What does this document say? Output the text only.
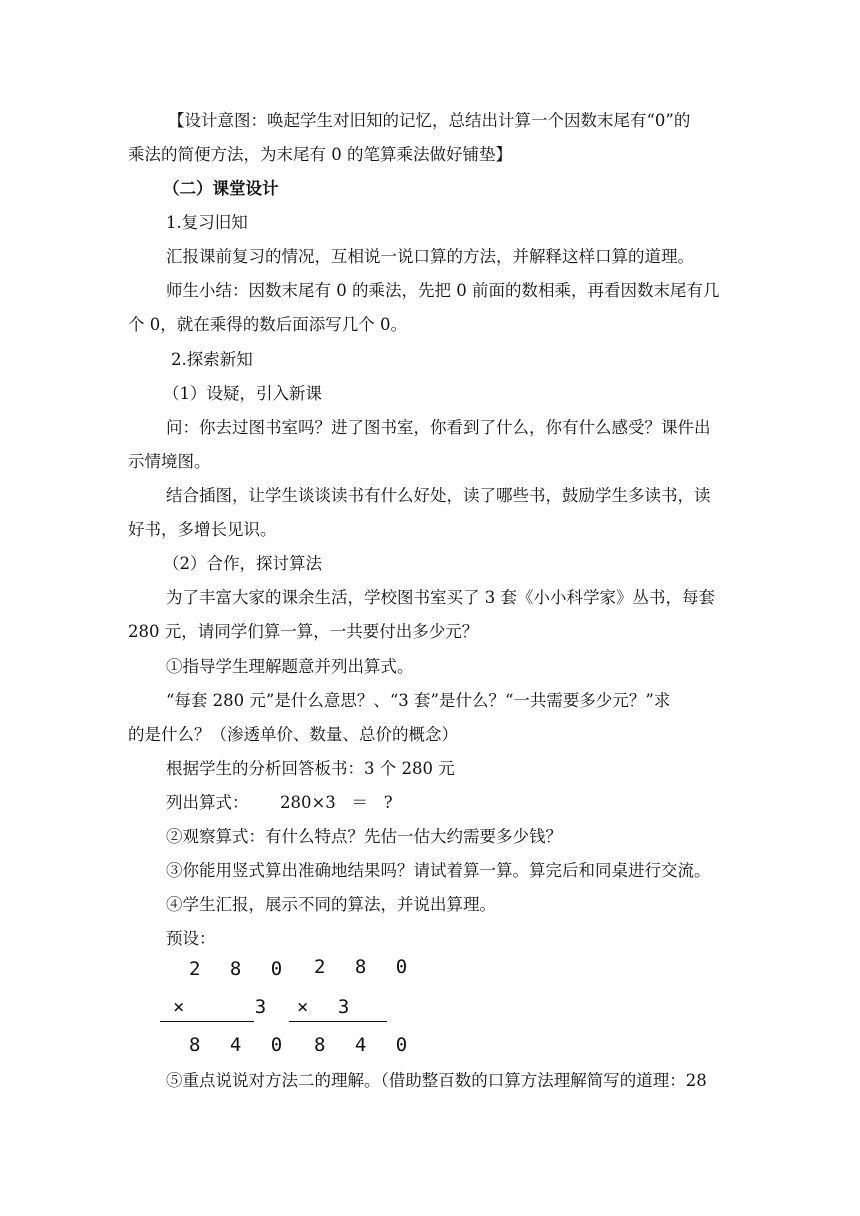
【设计意图：唤起学生对旧知的记忆，总结出计算一个因数末尾有“0”的

乘法的简便方法，为末尾有 0 的笔算乘法做好铺垫】

（二）课堂设计

1.复习旧知

汇报课前复习的情况，互相说一说口算的方法，并解释这样口算的道理。

师生小结：因数末尾有 0 的乘法，先把 0 前面的数相乘，再看因数末尾有几

个 0，就在乘得的数后面添写几个 0。

2.探索新知

（1）设疑，引入新课

问：你去过图书室吗？进了图书室，你看到了什么，你有什么感受？课件出

示情境图。

结合插图，让学生谈谈读书有什么好处，读了哪些书，鼓励学生多读书，读

好书，多增长见识。

（2）合作，探讨算法

为了丰富大家的课余生活，学校图书室买了 3 套《小小科学家》丛书，每套

280 元，请同学们算一算，一共要付出多少元？

①指导学生理解题意并列出算式。

“每套 280 元”是什么意思？、“3 套”是什么？“一共需要多少元？”求

的是什么？（渗透单价、数量、总价的概念）

根据学生的分析回答板书：3 个 280 元

列出算式：      280×3   ＝   ?

②观察算式：有什么特点？先估一估大约需要多少钱？

③你能用竖式算出准确地结果吗？请试着算一算。算完后和同桌进行交流。

④学生汇报，展示不同的算法，并说出算理。

预设：

2 8 0
×   3
8 4 0
2 8 0
× 3
8 4 0

⑤重点说说对方法二的理解。（借助整百数的口算方法理解简写的道理：28
